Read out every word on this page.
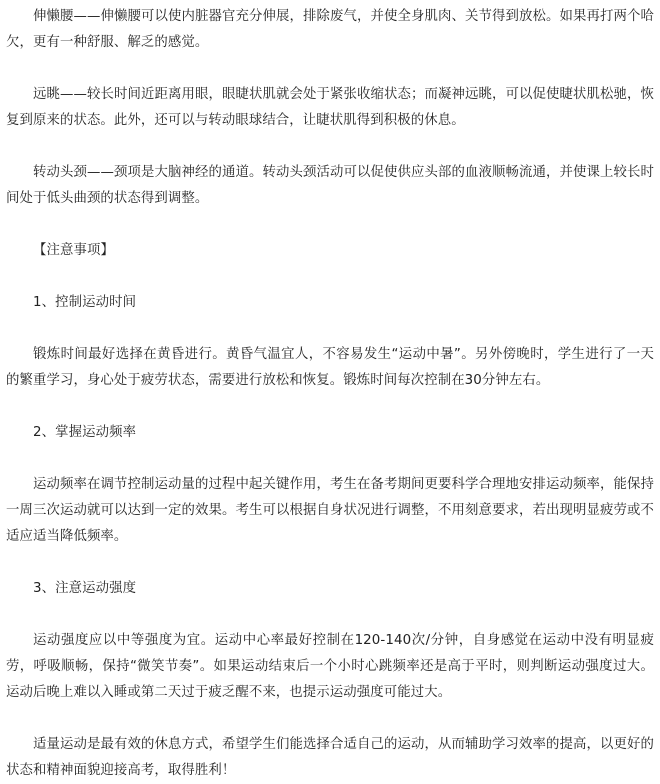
伸懒腰——伸懒腰可以使内脏器官充分伸展，排除废气，并使全身肌肉、关节得到放松。如果再打两个哈欠，更有一种舒服、解乏的感觉。

远眺——较长时间近距离用眼，眼睫状肌就会处于紧张收缩状态；而凝神远眺，可以促使睫状肌松驰，恢复到原来的状态。此外，还可以与转动眼球结合，让睫状肌得到积极的休息。

转动头颈——颈项是大脑神经的通道。转动头颈活动可以促使供应头部的血液顺畅流通，并使课上较长时间处于低头曲颈的状态得到调整。

【注意事项】

1、控制运动时间

锻炼时间最好选择在黄昏进行。黄昏气温宜人，不容易发生“运动中暑”。另外傍晚时，学生进行了一天的繁重学习，身心处于疲劳状态，需要进行放松和恢复。锻炼时间每次控制在30分钟左右。

2、掌握运动频率

运动频率在调节控制运动量的过程中起关键作用，考生在备考期间更要科学合理地安排运动频率，能保持一周三次运动就可以达到一定的效果。考生可以根据自身状况进行调整，不用刻意要求，若出现明显疲劳或不适应适当降低频率。

3、注意运动强度

运动强度应以中等强度为宜。运动中心率最好控制在120-140次/分钟，自身感觉在运动中没有明显疲劳，呼吸顺畅，保持“微笑节奏”。如果运动结束后一个小时心跳频率还是高于平时，则判断运动强度过大。运动后晚上难以入睡或第二天过于疲乏醒不来，也提示运动强度可能过大。

适量运动是最有效的休息方式，希望学生们能选择合适自己的运动，从而辅助学习效率的提高，以更好的状态和精神面貌迎接高考，取得胜利！
